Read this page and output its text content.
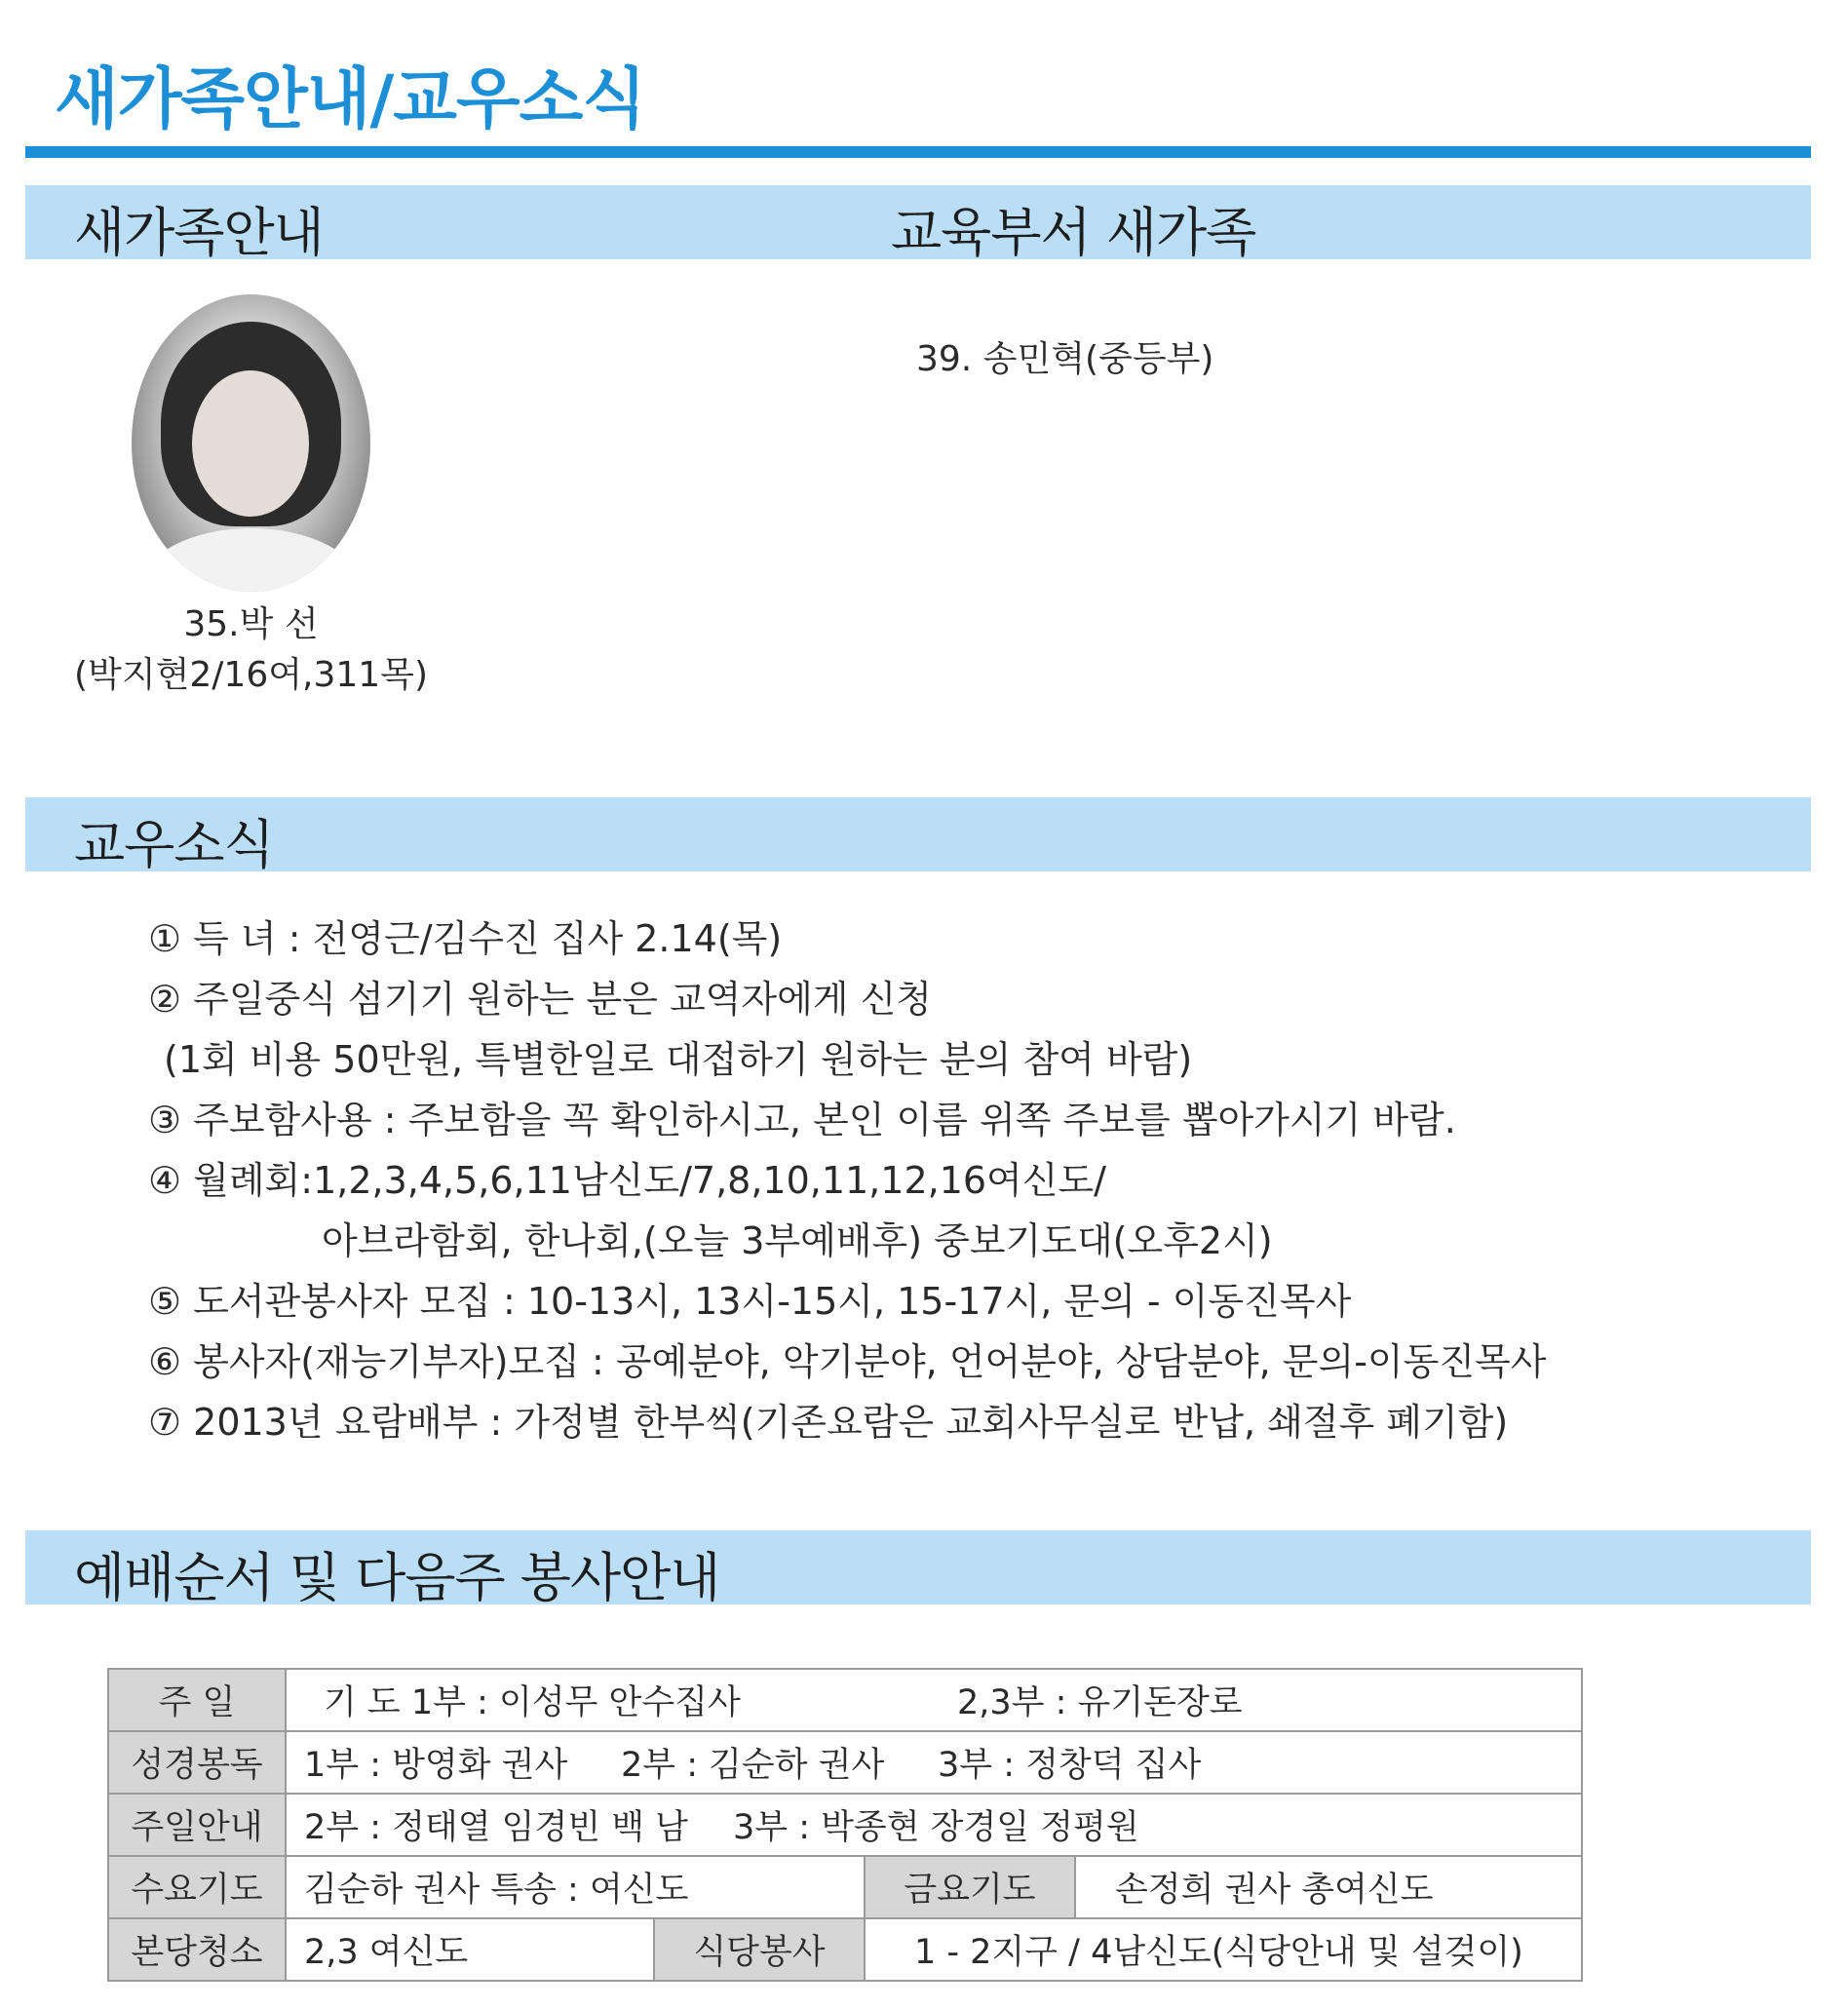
새가족안내/교우소식
새가족안내	교육부서 새가족
35.박 선
(박지현2/16여,311목)
39. 송민혁(중등부)
교우소식
① 득 녀 : 전영근/김수진 집사 2.14(목)
② 주일중식 섬기기 원하는 분은 교역자에게 신청
(1회 비용 50만원, 특별한일로 대접하기 원하는 분의 참여 바람)
③ 주보함사용 : 주보함을 꼭 확인하시고, 본인 이름 위쪽 주보를 뽑아가시기 바람.
④ 월례회:1,2,3,4,5,6,11남신도/7,8,10,11,12,16여신도/
아브라함회, 한나회,(오늘 3부예배후) 중보기도대(오후2시)
⑤ 도서관봉사자 모집 : 10-13시, 13시-15시, 15-17시, 문의 - 이동진목사
⑥ 봉사자(재능기부자)모집 : 공예분야, 악기분야, 언어분야, 상담분야, 문의-이동진목사
⑦ 2013년 요람배부 : 가정별 한부씩(기존요람은 교회사무실로 반납, 쇄절후 폐기함)
예배순서 및 다음주 봉사안내
주 일	기 도 1부 : 이성무 안수집사 2,3부 : 유기돈장로			
성경봉독	1부 : 방영화 권사 2부 : 김순하 권사 3부 : 정창덕 집사			
주일안내	2부 : 정태열 임경빈 백 남 3부 : 박종현 장경일 정평원			
수요기도	김순하 권사 특송 : 여신도		금요기도	손정희 권사 총여신도
본당청소	2,3 여신도	식당봉사	1 - 2지구 / 4남신도(식당안내 및 설겆이)	
